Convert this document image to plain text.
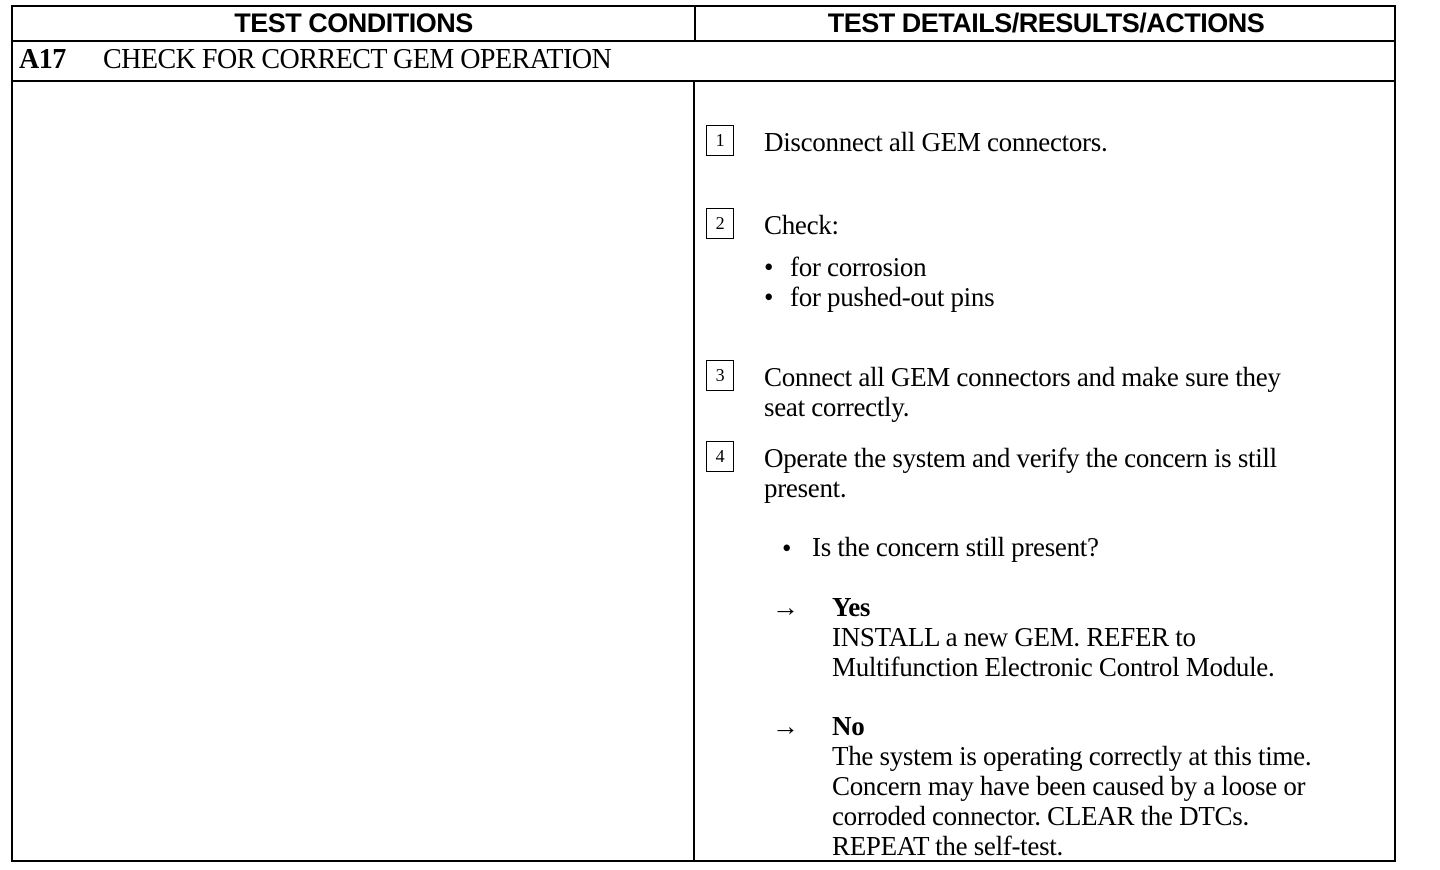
TEST CONDITIONS	TEST DETAILS/RESULTS/ACTIONS
A17 CHECK FOR CORRECT GEM OPERATION
1	Disconnect all GEM connectors.
2	Check:
• for corrosion
• for pushed-out pins
3	Connect all GEM connectors and make sure they
seat correctly.
4	Operate the system and verify the concern is still
present.
• Is the concern still present?
→ Yes
INSTALL a new GEM. REFER to
Multifunction Electronic Control Module.
→ No
The system is operating correctly at this time.
Concern may have been caused by a loose or
corroded connector. CLEAR the DTCs.
REPEAT the self-test.
